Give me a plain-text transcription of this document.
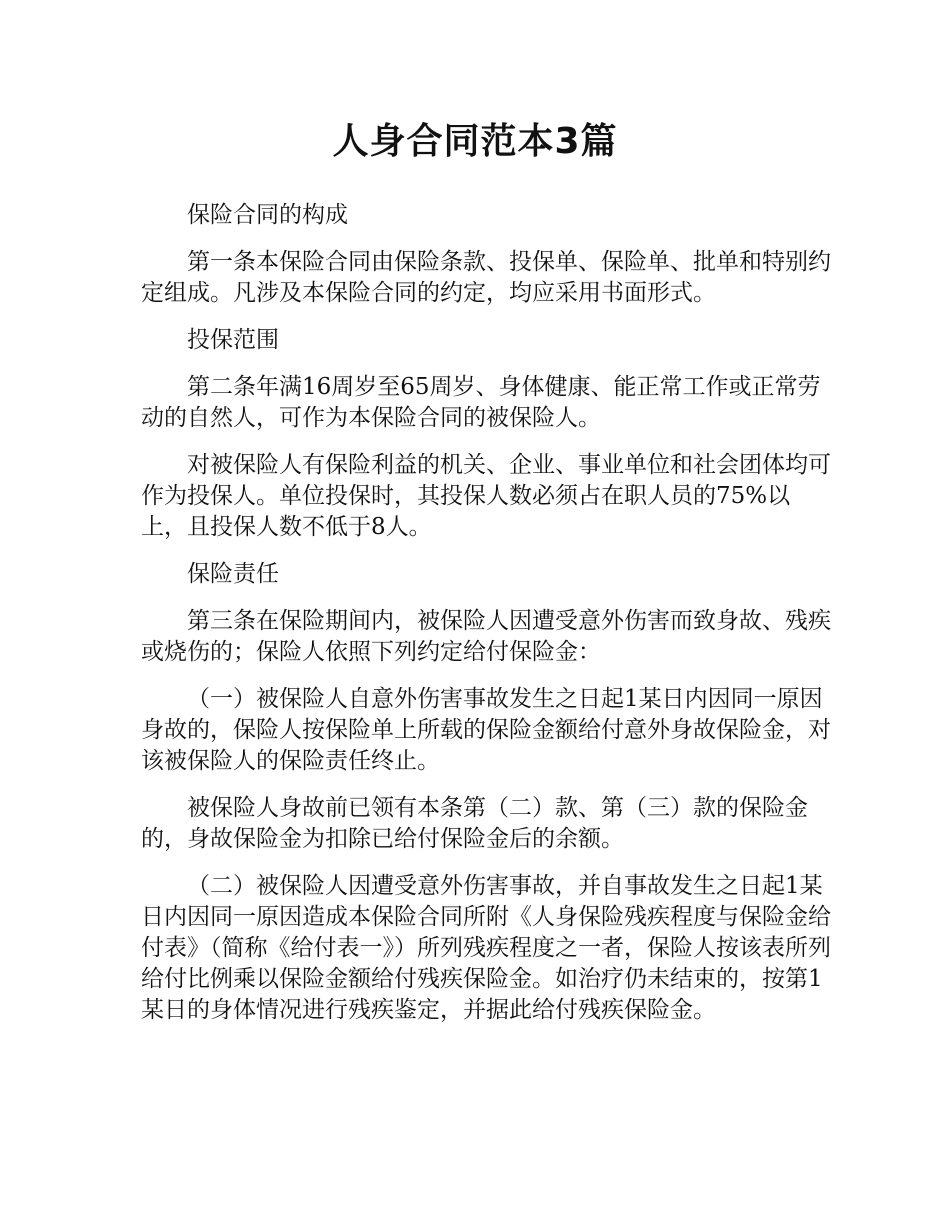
人身合同范本3篇

保险合同的构成

第一条本保险合同由保险条款、投保单、保险单、批单和特别约定组成。凡涉及本保险合同的约定，均应采用书面形式。

投保范围

第二条年满16周岁至65周岁、身体健康、能正常工作或正常劳动的自然人，可作为本保险合同的被保险人。

对被保险人有保险利益的机关、企业、事业单位和社会团体均可作为投保人。单位投保时，其投保人数必须占在职人员的75%以上，且投保人数不低于8人。

保险责任

第三条在保险期间内，被保险人因遭受意外伤害而致身故、残疾或烧伤的；保险人依照下列约定给付保险金：

（一）被保险人自意外伤害事故发生之日起1某日内因同一原因身故的，保险人按保险单上所载的保险金额给付意外身故保险金，对该被保险人的保险责任终止。

被保险人身故前已领有本条第（二）款、第（三）款的保险金的，身故保险金为扣除已给付保险金后的余额。

（二）被保险人因遭受意外伤害事故，并自事故发生之日起1某日内因同一原因造成本保险合同所附《人身保险残疾程度与保险金给付表》（简称《给付表一》）所列残疾程度之一者，保险人按该表所列给付比例乘以保险金额给付残疾保险金。如治疗仍未结束的，按第1某日的身体情况进行残疾鉴定，并据此给付残疾保险金。
